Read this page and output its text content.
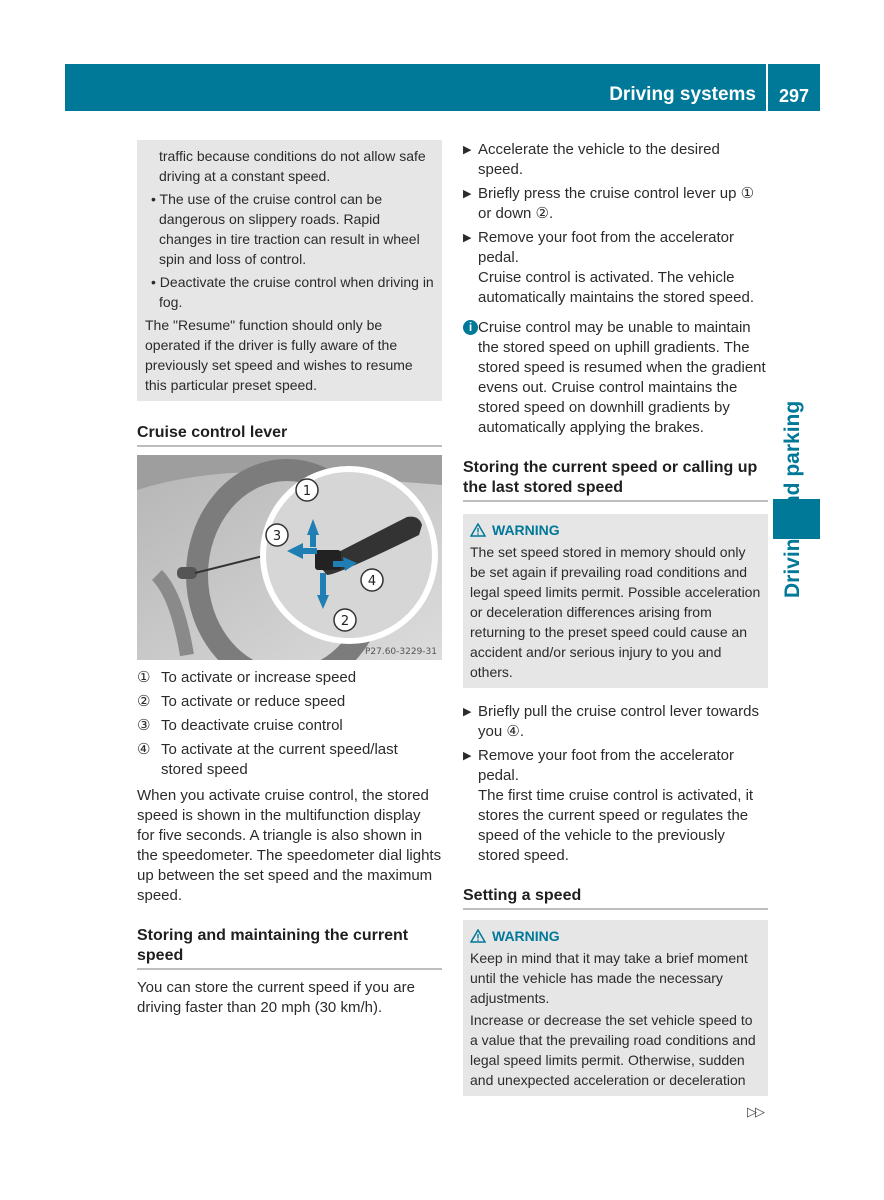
Driving systems 297
traffic because conditions do not allow safe driving at a constant speed.
• The use of the cruise control can be dangerous on slippery roads. Rapid changes in tire traction can result in wheel spin and loss of control.
• Deactivate the cruise control when driving in fog.

The "Resume" function should only be operated if the driver is fully aware of the previously set speed and wishes to resume this particular preset speed.

Cruise control lever
1
2
3
4
P27.60-3229-31
① To activate or increase speed
② To activate or reduce speed
③ To deactivate cruise control
④ To activate at the current speed/last stored speed

When you activate cruise control, the stored speed is shown in the multifunction display for five seconds. A triangle is also shown in the speedometer. The speedometer dial lights up between the set speed and the maximum speed.

Storing and maintaining the current speed

You can store the current speed if you are driving faster than 20 mph (30 km/h).

▶ Accelerate the vehicle to the desired speed.
▶ Briefly press the cruise control lever up ① or down ②.
▶ Remove your foot from the accelerator pedal.
Cruise control is activated. The vehicle automatically maintains the stored speed.
i Cruise control may be unable to maintain the stored speed on uphill gradients. The stored speed is resumed when the gradient evens out. Cruise control maintains the stored speed on downhill gradients by automatically applying the brakes.
Storing the current speed or calling up the last stored speed
WARNING

The set speed stored in memory should only be set again if prevailing road conditions and legal speed limits permit. Possible acceleration or deceleration differences arising from returning to the preset speed could cause an accident and/or serious injury to you and others.

▶ Briefly pull the cruise control lever towards you ④.
▶ Remove your foot from the accelerator pedal.
The first time cruise control is activated, it stores the current speed or regulates the speed of the vehicle to the previously stored speed.
Setting a speed
WARNING

Keep in mind that it may take a brief moment until the vehicle has made the necessary adjustments.

Increase or decrease the set vehicle speed to a value that the prevailing road conditions and legal speed limits permit. Otherwise, sudden and unexpected acceleration or deceleration

▷▷
